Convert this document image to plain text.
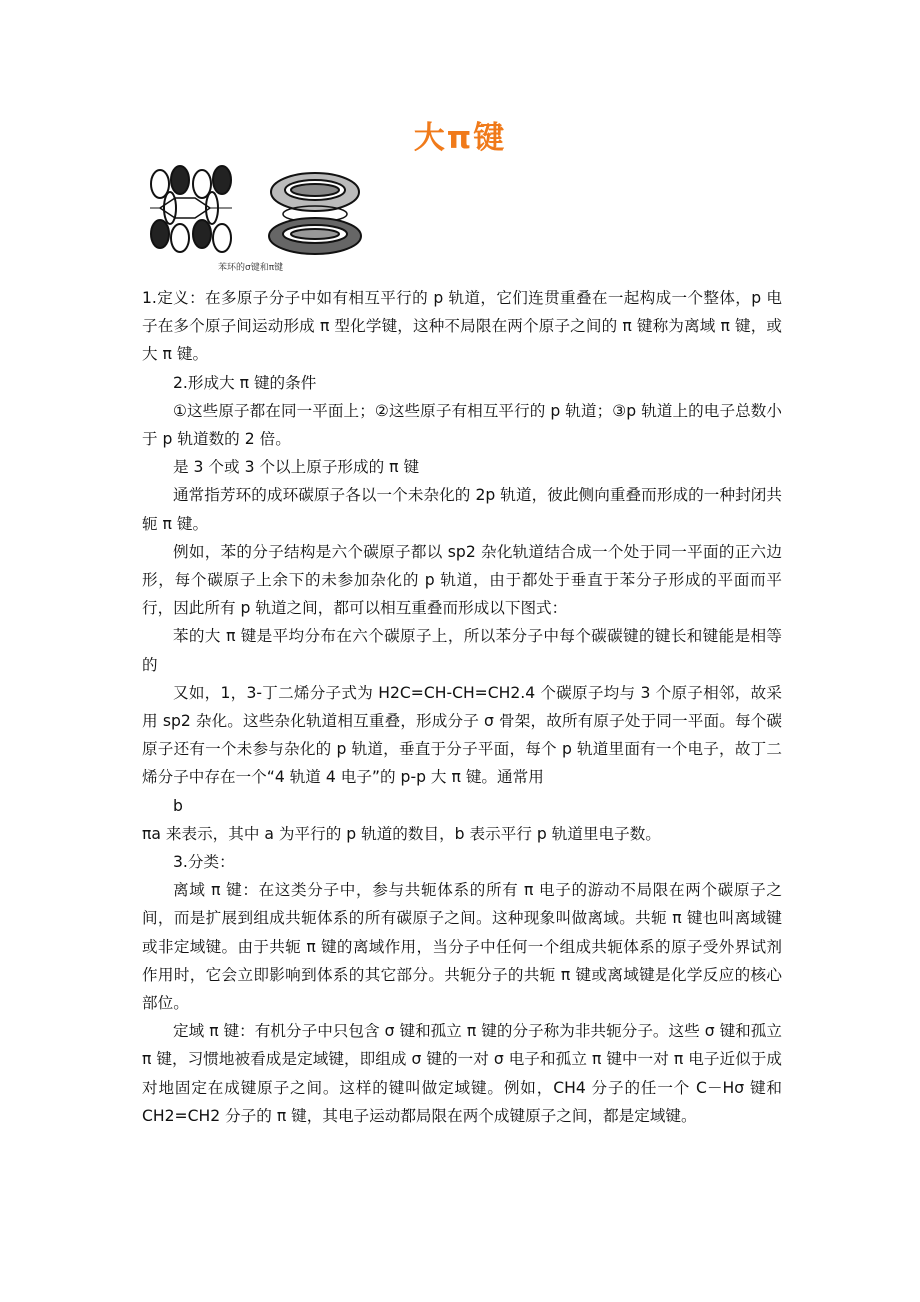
大π键
苯环的σ键和π键

1.定义：在多原子分子中如有相互平行的 p 轨道，它们连贯重叠在一起构成一个整体，p 电子在多个原子间运动形成 π 型化学键，这种不局限在两个原子之间的 π 键称为离域 π 键，或大 π 键。

2.形成大 π 键的条件

①这些原子都在同一平面上；②这些原子有相互平行的 p 轨道；③p 轨道上的电子总数小于 p 轨道数的 2 倍。

是 3 个或 3 个以上原子形成的 π 键

通常指芳环的成环碳原子各以一个未杂化的 2p 轨道，彼此侧向重叠而形成的一种封闭共轭 π 键。

例如，苯的分子结构是六个碳原子都以 sp2 杂化轨道结合成一个处于同一平面的正六边形，每个碳原子上余下的未参加杂化的 p 轨道，由于都处于垂直于苯分子形成的平面而平行，因此所有 p 轨道之间，都可以相互重叠而形成以下图式：

苯的大 π 键是平均分布在六个碳原子上，所以苯分子中每个碳碳键的键长和键能是相等的

又如，1，3-丁二烯分子式为 H2C=CH-CH=CH2.4 个碳原子均与 3 个原子相邻，故采用 sp2 杂化。这些杂化轨道相互重叠，形成分子 σ 骨架，故所有原子处于同一平面。每个碳原子还有一个未参与杂化的 p 轨道，垂直于分子平面，每个 p 轨道里面有一个电子，故丁二烯分子中存在一个“4 轨道 4 电子”的 p-p 大 π 键。通常用

b

πa 来表示，其中 a 为平行的 p 轨道的数目，b 表示平行 p 轨道里电子数。

3.分类：

离域 π 键：在这类分子中，参与共轭体系的所有 π 电子的游动不局限在两个碳原子之间，而是扩展到组成共轭体系的所有碳原子之间。这种现象叫做离域。共轭 π 键也叫离域键或非定域键。由于共轭 π 键的离域作用，当分子中任何一个组成共轭体系的原子受外界试剂作用时，它会立即影响到体系的其它部分。共轭分子的共轭 π 键或离域键是化学反应的核心部位。

定域 π 键：有机分子中只包含 σ 键和孤立 π 键的分子称为非共轭分子。这些 σ 键和孤立 π 键，习惯地被看成是定域键，即组成 σ 键的一对 σ 电子和孤立 π 键中一对 π 电子近似于成对地固定在成键原子之间。这样的键叫做定域键。例如，CH4 分子的任一个 C－Hσ 键和 CH2=CH2 分子的 π 键，其电子运动都局限在两个成键原子之间，都是定域键。
